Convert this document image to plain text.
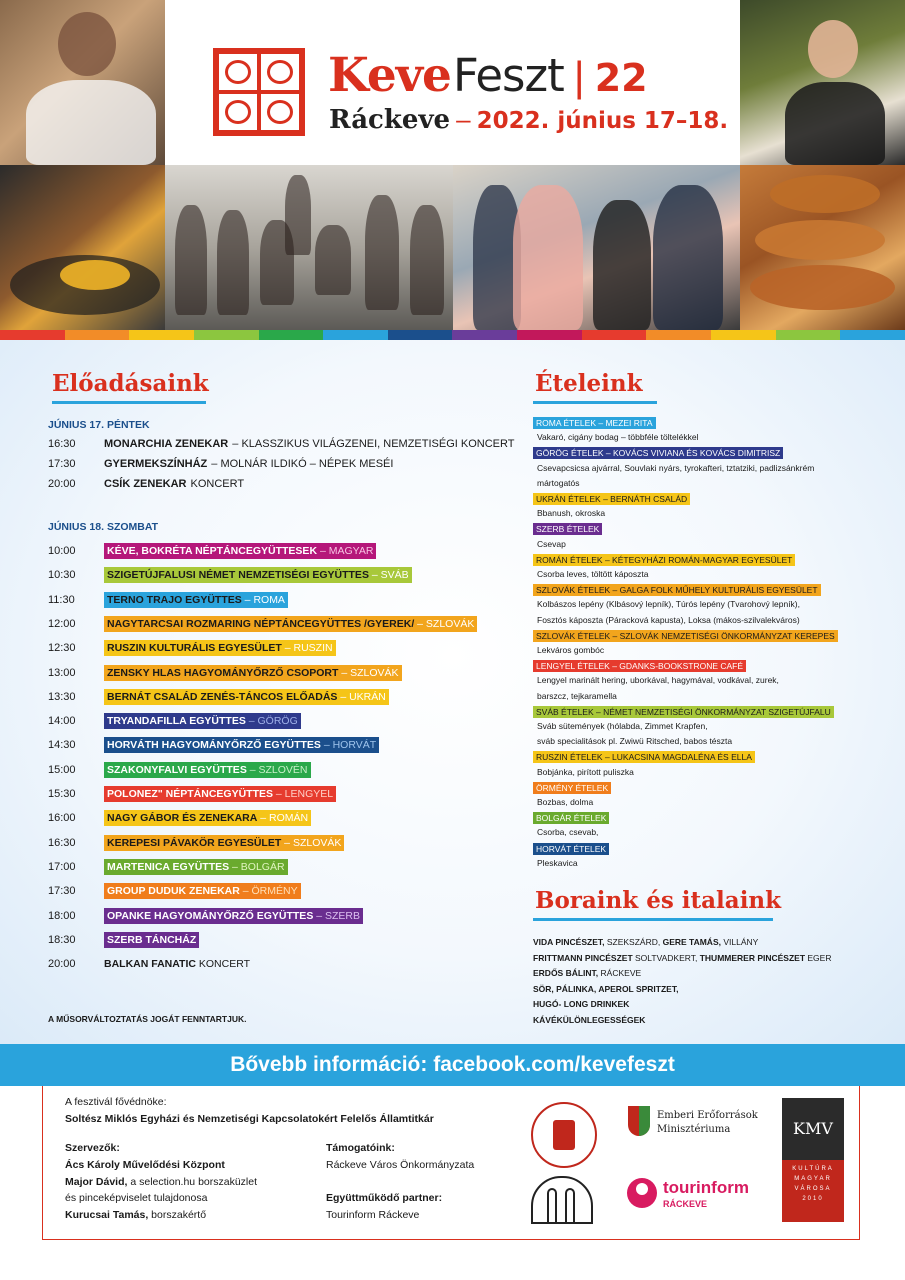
Keve Feszt | 22
Ráckeve – 2022. június 17–18.
Előadásaink
JÚNIUS 17. PÉNTEK
16:30	MONARCHIA ZENEKAR – KLASSZIKUS VILÁGZENEI, NEMZETISÉGI KONCERT
17:30	GYERMEKSZÍNHÁZ – MOLNÁR ILDIKÓ – NÉPEK MESÉI
20:00	CSÍK ZENEKAR KONCERT
JÚNIUS 18. SZOMBAT
10:00	KÉVE, BOKRÉTA NÉPTÁNCEGYÜTTESEK – MAGYAR
10:30	SZIGETÚJFALUSI NÉMET NEMZETISÉGI EGYÜTTES – SVÁB
11:30	TERNO TRAJO EGYÜTTES – ROMA
12:00	NAGYTARCSAI ROZMARING NÉPTÁNCEGYÜTTES /GYEREK/ – SZLOVÁK
12:30	RUSZIN KULTURÁLIS EGYESÜLET – RUSZIN
13:00	ZENSKY HLAS HAGYOMÁNYŐRZŐ CSOPORT – SZLOVÁK
13:30	BERNÁT CSALÁD ZENÉS-TÁNCOS ELŐADÁS – UKRÁN
14:00	TRYANDAFILLA EGYÜTTES – GÖRÖG
14:30	HORVÁTH HAGYOMÁNYŐRZŐ EGYÜTTES – HORVÁT
15:00	SZAKONYFALVI EGYÜTTES – SZLOVÉN
15:30	POLONEZ" NÉPTÁNCEGYÜTTES – LENGYEL
16:00	NAGY GÁBOR ÉS ZENEKARA – ROMÁN
16:30	KEREPESI PÁVAKÖR EGYESÜLET – SZLOVÁK
17:00	MARTENICA EGYÜTTES – BOLGÁR
17:30	GROUP DUDUK ZENEKAR – ÖRMÉNY
18:00	OPANKE HAGYOMÁNYŐRZŐ EGYÜTTES – SZERB
18:30	SZERB TÁNCHÁZ
20:00	BALKAN FANATIC KONCERT
A MŰSORVÁLTOZTATÁS JOGÁT FENNTARTJUK.
Ételeink
ROMA ÉTELEK – MEZEI RITA
Vakaró, cigány bodag – többféle töltelékkel
GÖRÖG ÉTELEK – KOVÁCS VIVIANA ÉS KOVÁCS DIMITRISZ
Csevapcsicsa ajvárral, Souvlaki nyárs, tyrokafteri, tztatziki, padlizsánkrém
mártogatós
UKRÁN ÉTELEK – BERNÁTH CSALÁD
Bbanush, okroska
SZERB ÉTELEK
Csevap
ROMÁN ÉTELEK – KÉTEGYHÁZI ROMÁN-MAGYAR EGYESÜLET
Csorba leves, töltött káposzta
SZLOVÁK ÉTELEK – GALGA FOLK MŰHELY KULTURÁLIS EGYESÜLET
Kolbászos lepény (Klbásový lepník), Túrós lepény (Tvarohový lepník),
Fosztós káposzta (Páracková kapusta), Loksa (mákos-szilvalekváros)
SZLOVÁK ÉTELEK – SZLOVÁK NEMZETISÉGI ÖNKORMÁNYZAT KEREPES
Lekváros gombóc
LENGYEL ÉTELEK – GDANKS-BOOKSTRONE CAFÉ
Lengyel marinált hering, uborkával, hagymával, vodkával, zurek,
barszcz, tejkaramella
SVÁB ÉTELEK – NÉMET NEMZETISÉGI ÖNKORMÁNYZAT SZIGETÚJFALU
Sváb sütemények (hólabda, Zimmet Krapfen,
sváb specialitások pl. Zwiwü Ritsched, babos tészta
RUSZIN ÉTELEK – LUKACSINA MAGDALÉNA ÉS ELLA
Bobjánka, pirított puliszka
ÖRMÉNY ÉTELEK
Bozbas, dolma
BOLGÁR ÉTELEK
Csorba, csevab,
HORVÁT ÉTELEK
Pleskavica
Boraink és italaink
VIDA PINCÉSZET, SZEKSZÁRD, GERE TAMÁS, VILLÁNY
FRITTMANN PINCÉSZET SOLTVADKERT, THUMMERER PINCÉSZET EGER
ERDŐS BÁLINT, RÁCKEVE
SÖR, PÁLINKA, APEROL SPRITZET,
HUGÓ- LONG DRINKEK
KÁVÉKÜLÖNLEGESSÉGEK
Bővebb információ: facebook.com/kevefeszt
A fesztivál fővédnöke:
Soltész Miklós Egyházi és Nemzetiségi Kapcsolatokért Felelős Államtitkár
Szervezők:
Ács Károly Művelődési Központ
Major Dávid, a selection.hu borszaküzlet
és pinceképviselet tulajdonosa
Kurucsai Tamás, borszakértő
Támogatóink:
Ráckeve Város Önkormányzata
Együttműködő partner:
Tourinform Ráckeve
Emberi Erőforrások
Minisztériuma
tourinform
RÁCKEVE
KMV
KULTÚRA MAGYAR VÁROSA 2010
